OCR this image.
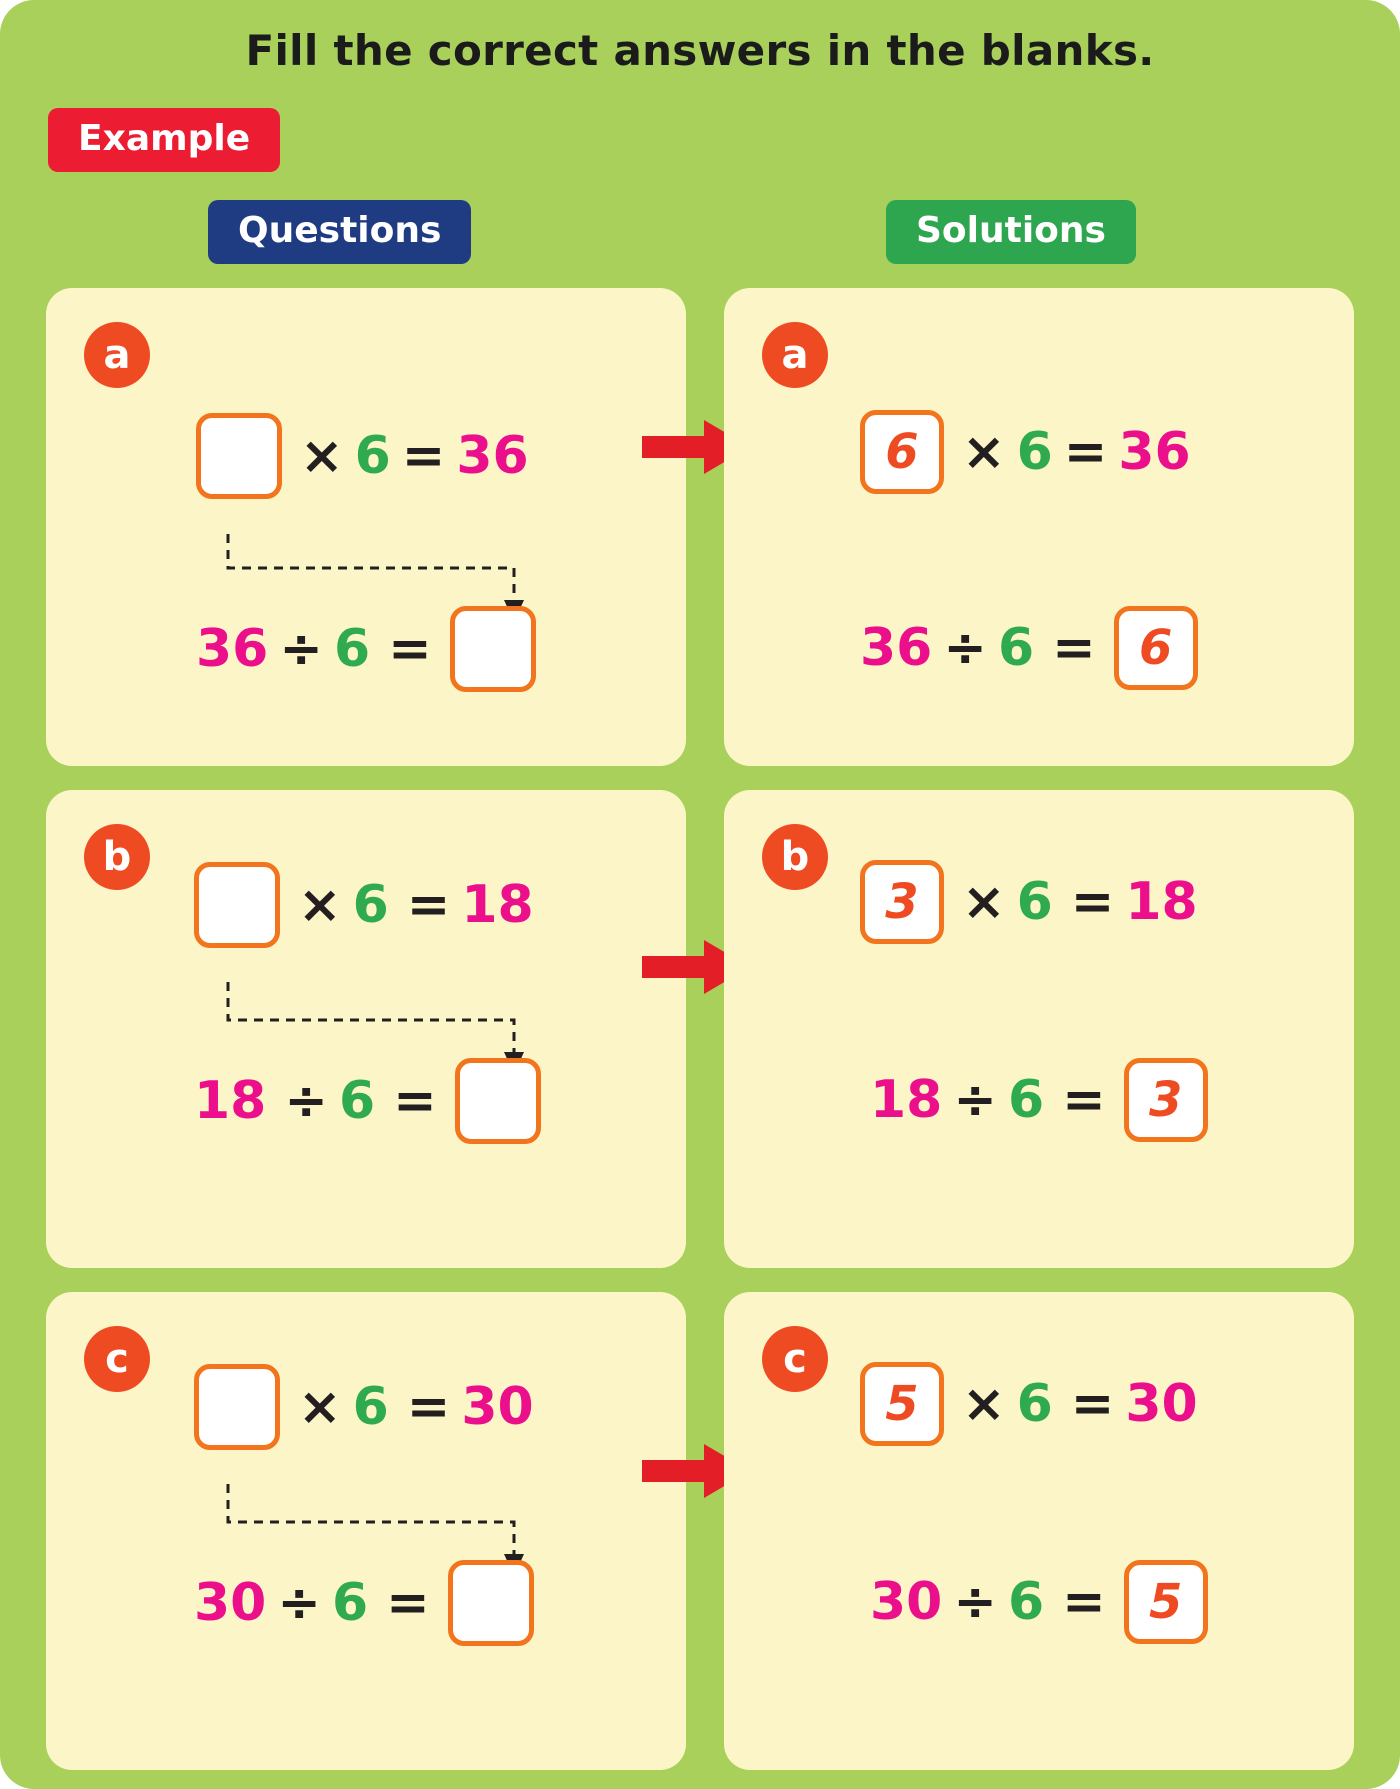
Fill the correct answers in the blanks.
Example
Questions	Solutions
a
× 6 = 36
36 ÷ 6 =
a
6 × 6 = 36
36 ÷ 6 = 6
b
× 6 = 18
18 ÷ 6 =
b
3 × 6 = 18
18 ÷ 6 = 3
c
× 6 = 30
30 ÷ 6 =
c
5 × 6 = 30
30 ÷ 6 = 5
